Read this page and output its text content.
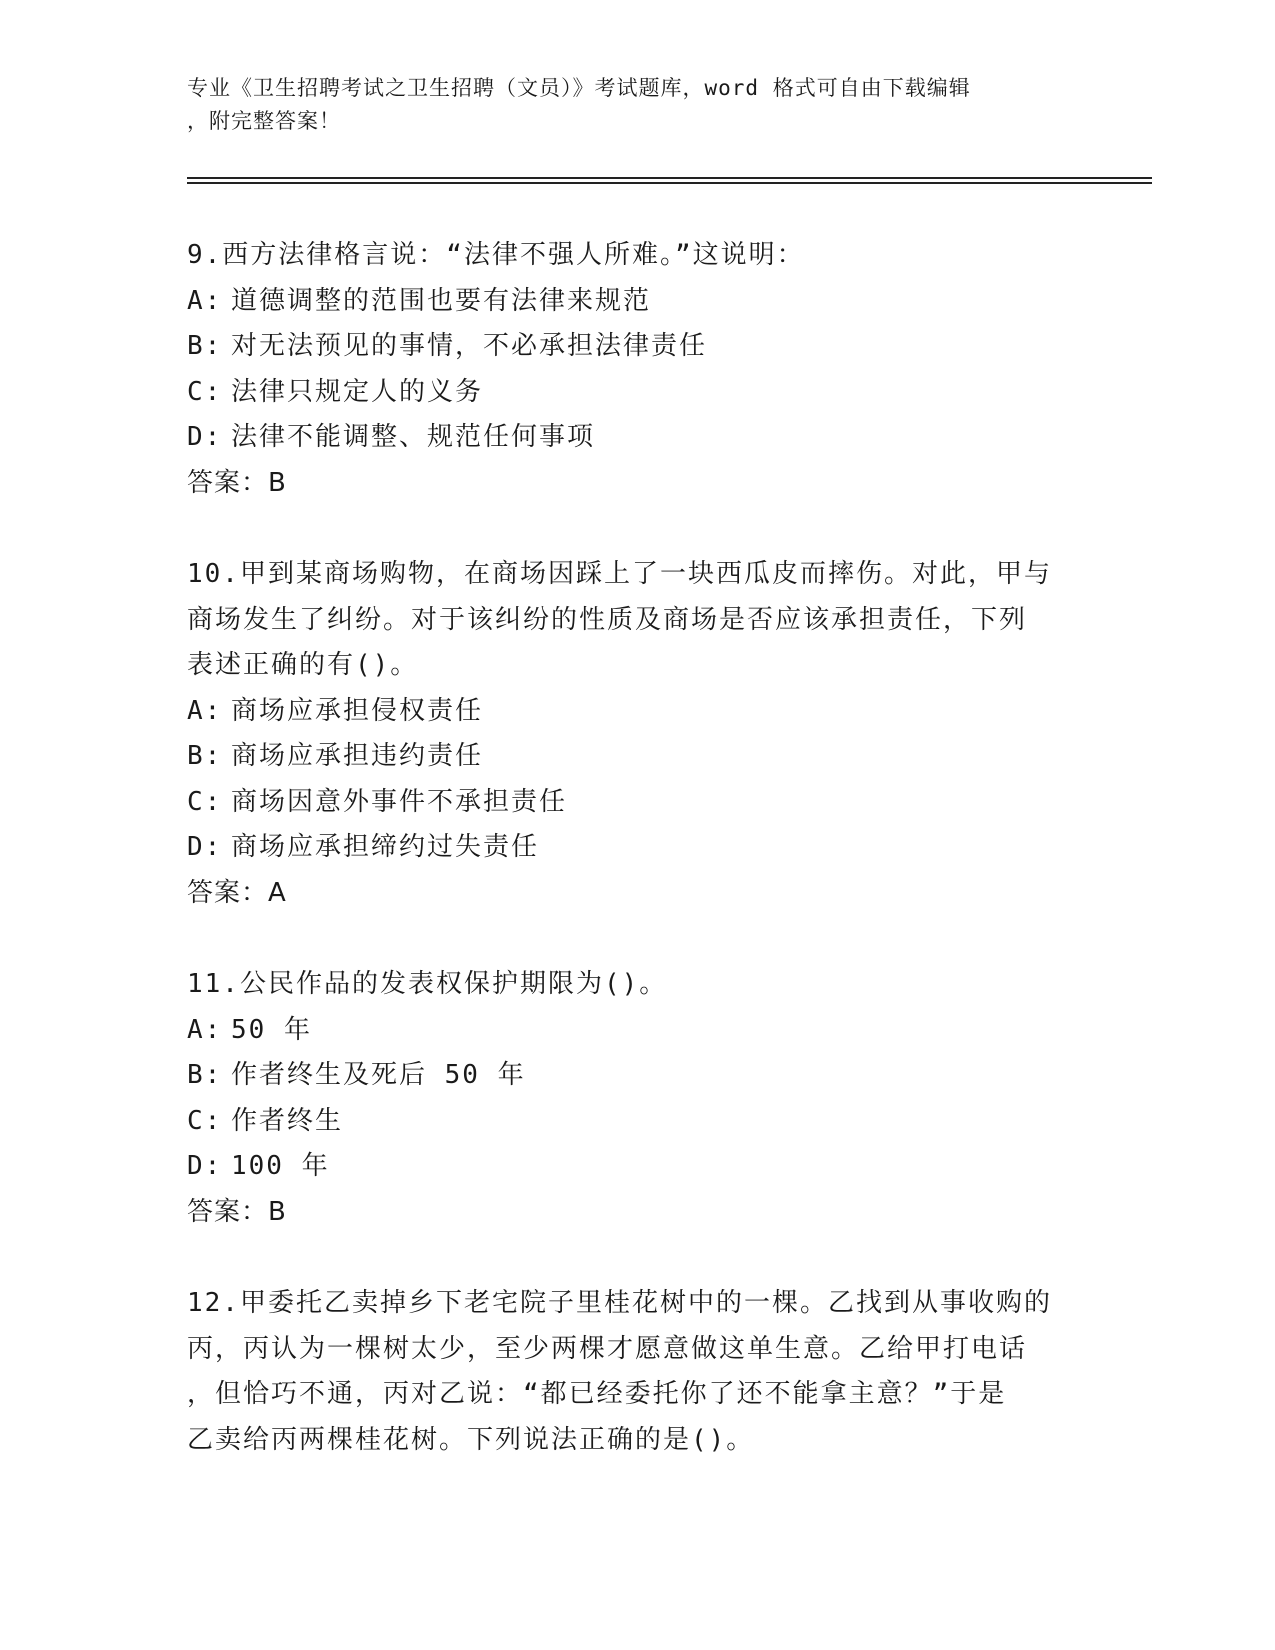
专业《卫生招聘考试之卫生招聘（文员）》考试题库，word 格式可自由下载编辑
，附完整答案！
9.西方法律格言说：“法律不强人所难。”这说明：
A: 道德调整的范围也要有法律来规范
B: 对无法预见的事情，不必承担法律责任
C: 法律只规定人的义务
D: 法律不能调整、规范任何事项
答案：B
10.甲到某商场购物，在商场因踩上了一块西瓜皮而摔伤。对此，甲与
商场发生了纠纷。对于该纠纷的性质及商场是否应该承担责任，下列
表述正确的有()。
A: 商场应承担侵权责任
B: 商场应承担违约责任
C: 商场因意外事件不承担责任
D: 商场应承担缔约过失责任
答案：A
11.公民作品的发表权保护期限为()。
A: 50 年
B: 作者终生及死后 50 年
C: 作者终生
D: 100 年
答案：B
12.甲委托乙卖掉乡下老宅院子里桂花树中的一棵。乙找到从事收购的
丙，丙认为一棵树太少，至少两棵才愿意做这单生意。乙给甲打电话
，但恰巧不通，丙对乙说：“都已经委托你了还不能拿主意？”于是
乙卖给丙两棵桂花树。下列说法正确的是()。
